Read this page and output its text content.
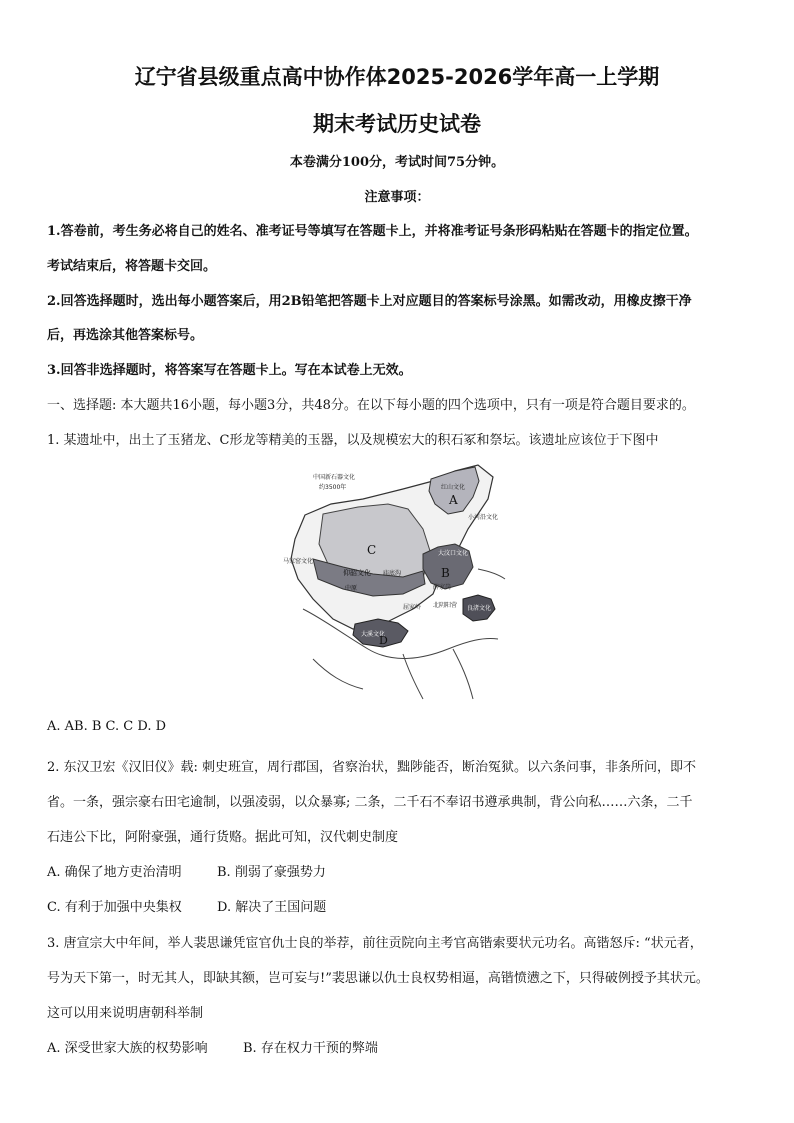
辽宁省县级重点高中协作体2025-2026学年高一上学期
期末考试历史试卷
本卷满分100分，考试时间75分钟。
注意事项：
1.答卷前，考生务必将自己的姓名、准考证号等填写在答题卡上，并将准考证号条形码粘贴在答题卡的指定位置。
考试结束后，将答题卡交回。
2.回答选择题时，选出每小题答案后，用2B铅笔把答题卡上对应题目的答案标号涂黑。如需改动，用橡皮擦干净
后，再选涂其他答案标号。
3.回答非选择题时，将答案写在答题卡上。写在本试卷上无效。
一、选择题: 本大题共16小题，每小题3分，共48分。在以下每小题的四个选项中，只有一项是符合题目要求的。
1. 某遗址中，出土了玉猪龙、C形龙等精美的玉器，以及规模宏大的积石冢和祭坛。该遗址应该位于下图中
中国新石器文化
约3500年	红山文化
小河沿文化
马家窑文化
仰韶文化 庙底沟
中原
大汶口文化
薛家岗
北阴阳营 良渚文化
大溪文化
屈家岭
A
B
C
D
A. AB. B C. C D. D
2. 东汉卫宏《汉旧仪》载: 刺史班宣，周行郡国，省察治状，黜陟能否，断治冤狱。以六条问事，非条所问，即不
省。一条，强宗豪右田宅逾制，以强凌弱，以众暴寡; 二条，二千石不奉诏书遵承典制，背公向私……六条，二千
石违公下比，阿附豪强，通行货赂。据此可知，汉代刺史制度
A. 确保了地方吏治清明	B. 削弱了豪强势力
C. 有利于加强中央集权	D. 解决了王国问题
3. 唐宣宗大中年间，举人裴思谦凭宦官仇士良的举荐，前往贡院向主考官高锴索要状元功名。高锴怒斥: “状元者，
号为天下第一，时无其人，即缺其额，岂可妄与!”裴思谦以仇士良权势相逼，高锴愤懑之下，只得破例授予其状元。
这可以用来说明唐朝科举制
A. 深受世家大族的权势影响	B. 存在权力干预的弊端
